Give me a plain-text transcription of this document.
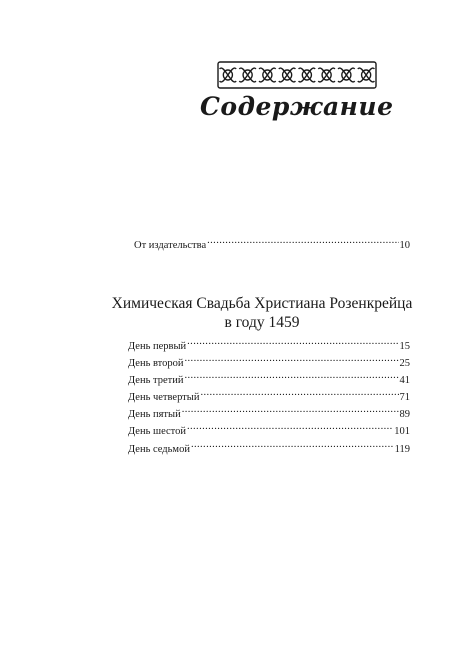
Содержание
От издательства .....	10
Химическая Свадьба Христиана Розенкрейца
в году 1459
День первый .....	15
День второй .....	25
День третий .....	41
День четвертый .....	71
День пятый .....	89
День шестой .....	101
День седьмой .....	119
